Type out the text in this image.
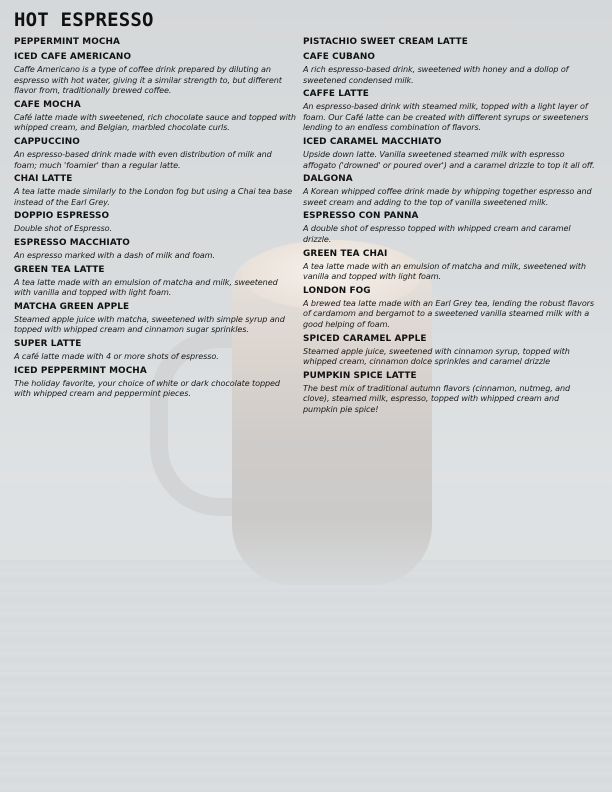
HOT ESPRESSO
PEPPERMINT MOCHA
ICED CAFE AMERICANO
Caffe Americano is a type of coffee drink prepared by diluting an espresso with hot water, giving it a similar strength to, but different flavor from, traditionally brewed coffee.
CAFE MOCHA
Café latte made with sweetened, rich chocolate sauce and topped with whipped cream, and Belgian, marbled chocolate curls.
CAPPUCCINO
An espresso-based drink made with even distribution of milk and foam; much 'foamier' than a regular latte.
CHAI LATTE
A tea latte made similarly to the London fog but using a Chai tea base instead of the Earl Grey.
DOPPIO ESPRESSO
Double shot of Espresso.
ESPRESSO MACCHIATO
An espresso marked with a dash of milk and foam.
GREEN TEA LATTE
A tea latte made with an emulsion of matcha and milk, sweetened with vanilla and topped with light foam.
MATCHA GREEN APPLE
Steamed apple juice with matcha, sweetened with simple syrup and topped with whipped cream and cinnamon sugar sprinkles.
SUPER LATTE
A café latte made with 4 or more shots of espresso.
ICED PEPPERMINT MOCHA
The holiday favorite, your choice of white or dark chocolate topped with whipped cream and peppermint pieces.
PISTACHIO SWEET CREAM LATTE
CAFE CUBANO
A rich espresso-based drink, sweetened with honey and a dollop of sweetened condensed milk.
CAFFE LATTE
An espresso-based drink with steamed milk, topped with a light layer of foam. Our Café latte can be created with different syrups or sweeteners lending to an endless combination of flavors.
ICED CARAMEL MACCHIATO
Upside down latte. Vanilla sweetened steamed milk with espresso affogato ('drowned' or poured over') and a caramel drizzle to top it all off.
DALGONA
A Korean whipped coffee drink made by whipping together espresso and sweet cream and adding to the top of vanilla sweetened milk.
ESPRESSO CON PANNA
A double shot of espresso topped with whipped cream and caramel drizzle.
GREEN TEA CHAI
A tea latte made with an emulsion of matcha and milk, sweetened with vanilla and topped with light foam.
LONDON FOG
A brewed tea latte made with an Earl Grey tea, lending the robust flavors of cardamom and bergamot to a sweetened vanilla steamed milk with a good helping of foam.
SPICED CARAMEL APPLE
Steamed apple juice, sweetened with cinnamon syrup, topped with whipped cream, cinnamon dolce sprinkles and caramel drizzle
PUMPKIN SPICE LATTE
The best mix of traditional autumn flavors (cinnamon, nutmeg, and clove), steamed milk, espresso, topped with whipped cream and pumpkin pie spice!
